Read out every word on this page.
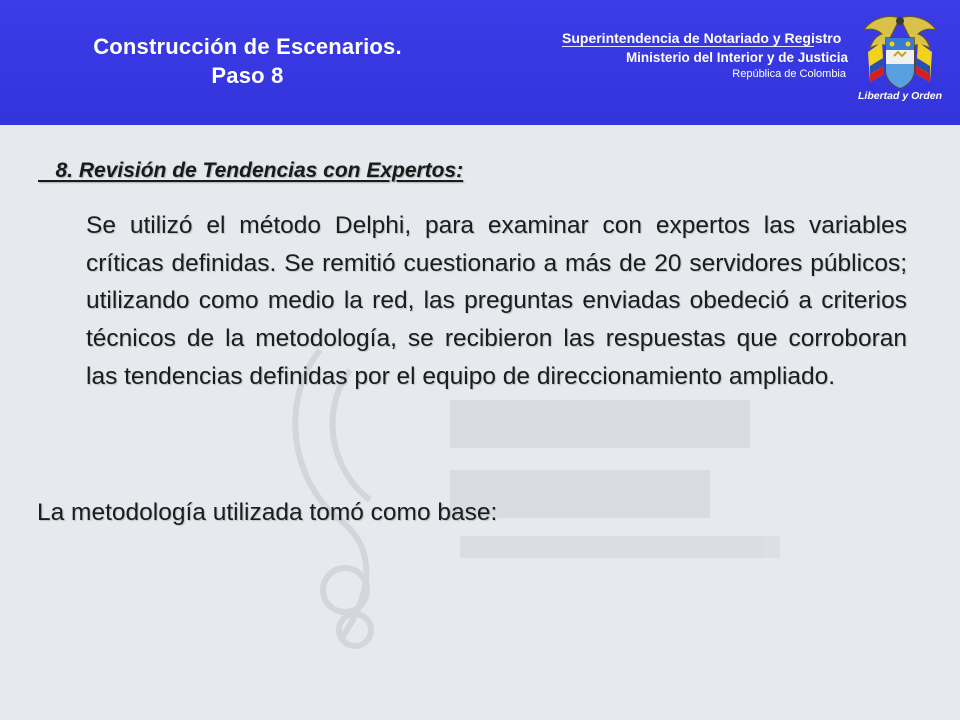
Construcción de Escenarios.
Paso 8
Superintendencia de Notariado y Registro
Ministerio del Interior y de Justicia
República de Colombia
Libertad y Orden
8. Revisión de Tendencias con Expertos:
Se utilizó el método Delphi, para examinar con expertos las variables críticas definidas. Se remitió cuestionario a más de 20 servidores públicos; utilizando como medio la red, las preguntas enviadas obedeció a criterios técnicos de la metodología, se recibieron las respuestas que corroboran las tendencias definidas por el equipo de direccionamiento ampliado.
La metodología utilizada tomó como base:
